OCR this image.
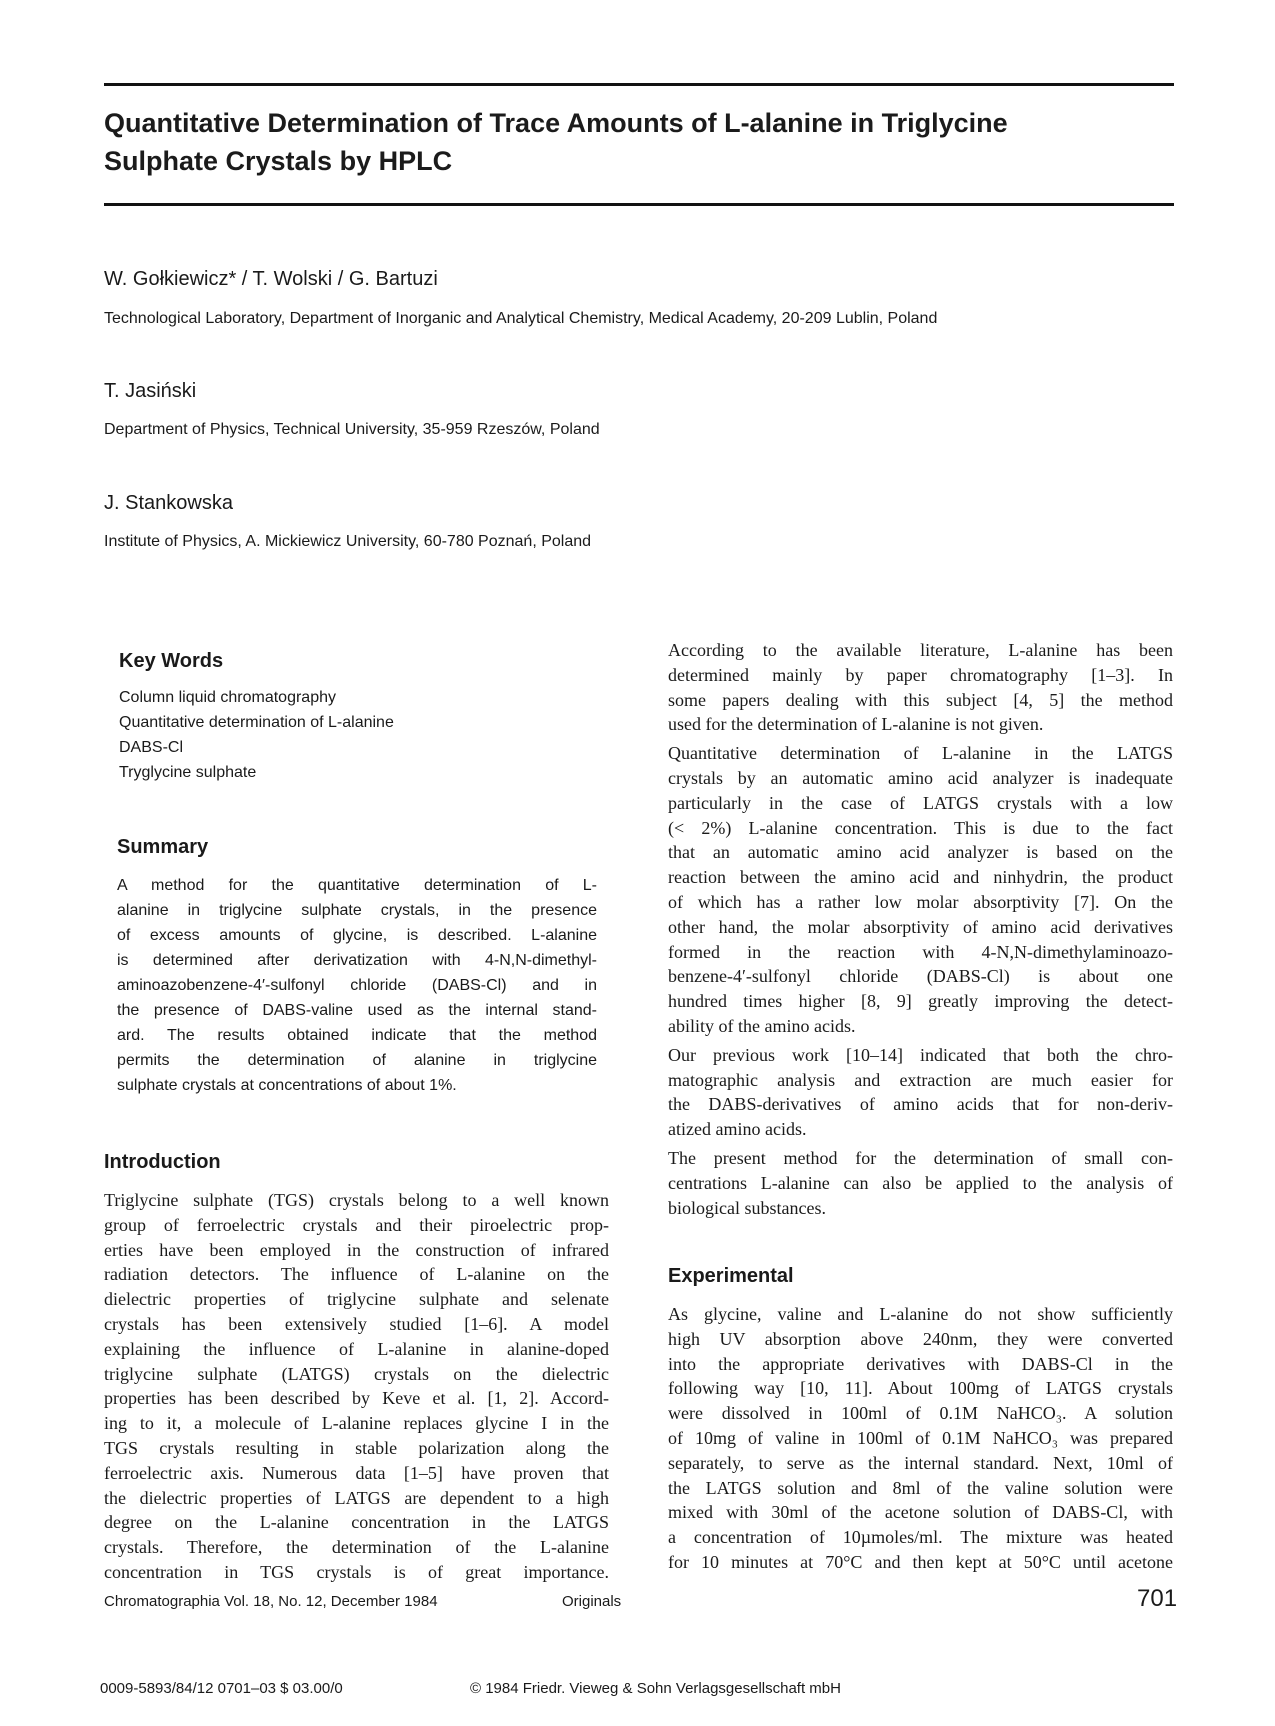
Quantitative Determination of Trace Amounts of L-alanine in Triglycine
Sulphate Crystals by HPLC

W. Gołkiewicz* / T. Wolski / G. Bartuzi

Technological Laboratory, Department of Inorganic and Analytical Chemistry, Medical Academy, 20-209 Lublin, Poland

T. Jasiński

Department of Physics, Technical University, 35-959 Rzeszów, Poland

J. Stankowska

Institute of Physics, A. Mickiewicz University, 60-780 Poznań, Poland

Key Words
Column liquid chromatography
Quantitative determination of L-alanine
DABS-Cl
Tryglycine sulphate
Summary
A method for the quantitative determination of L-
alanine in triglycine sulphate crystals, in the presence
of excess amounts of glycine, is described. L-alanine
is determined after derivatization with 4-N,N-dimethyl-
aminoazobenzene-4′-sulfonyl chloride (DABS-Cl) and in
the presence of DABS-valine used as the internal stand-
ard. The results obtained indicate that the method
permits the determination of alanine in triglycine
sulphate crystals at concentrations of about 1%.
Introduction
Triglycine sulphate (TGS) crystals belong to a well known
group of ferroelectric crystals and their piroelectric prop-
erties have been employed in the construction of infrared
radiation detectors. The influence of L-alanine on the
dielectric properties of triglycine sulphate and selenate
crystals has been extensively studied [1–6]. A model
explaining the influence of L-alanine in alanine-doped
triglycine sulphate (LATGS) crystals on the dielectric
properties has been described by Keve et al. [1, 2]. Accord-
ing to it, a molecule of L-alanine replaces glycine I in the
TGS crystals resulting in stable polarization along the
ferroelectric axis. Numerous data [1–5] have proven that
the dielectric properties of LATGS are dependent to a high
degree on the L-alanine concentration in the LATGS
crystals. Therefore, the determination of the L-alanine
concentration in TGS crystals is of great importance.
According to the available literature, L-alanine has been
determined mainly by paper chromatography [1–3]. In
some papers dealing with this subject [4, 5] the method
used for the determination of L-alanine is not given.
Quantitative determination of L-alanine in the LATGS
crystals by an automatic amino acid analyzer is inadequate
particularly in the case of LATGS crystals with a low
(< 2%) L-alanine concentration. This is due to the fact
that an automatic amino acid analyzer is based on the
reaction between the amino acid and ninhydrin, the product
of which has a rather low molar absorptivity [7]. On the
other hand, the molar absorptivity of amino acid derivatives
formed in the reaction with 4-N,N-dimethylaminoazo-
benzene-4′-sulfonyl chloride (DABS-Cl) is about one
hundred times higher [8, 9] greatly improving the detect-
ability of the amino acids.
Our previous work [10–14] indicated that both the chro-
matographic analysis and extraction are much easier for
the DABS-derivatives of amino acids that for non-deriv-
atized amino acids.
The present method for the determination of small con-
centrations L-alanine can also be applied to the analysis of
biological substances.
Experimental
As glycine, valine and L-alanine do not show sufficiently
high UV absorption above 240nm, they were converted
into the appropriate derivatives with DABS-Cl in the
following way [10, 11]. About 100mg of LATGS crystals
were dissolved in 100ml of 0.1M NaHCO₃. A solution
of 10mg of valine in 100ml of 0.1M NaHCO₃ was prepared
separately, to serve as the internal standard. Next, 10ml of
the LATGS solution and 8ml of the valine solution were
mixed with 30ml of the acetone solution of DABS-Cl, with
a concentration of 10µmoles/ml. The mixture was heated
for 10 minutes at 70°C and then kept at 50°C until acetone
Chromatographia Vol. 18, No. 12, December 1984	Originals	701
0009-5893/84/12 0701–03 $ 03.00/0	© 1984 Friedr. Vieweg & Sohn Verlagsgesellschaft mbH
